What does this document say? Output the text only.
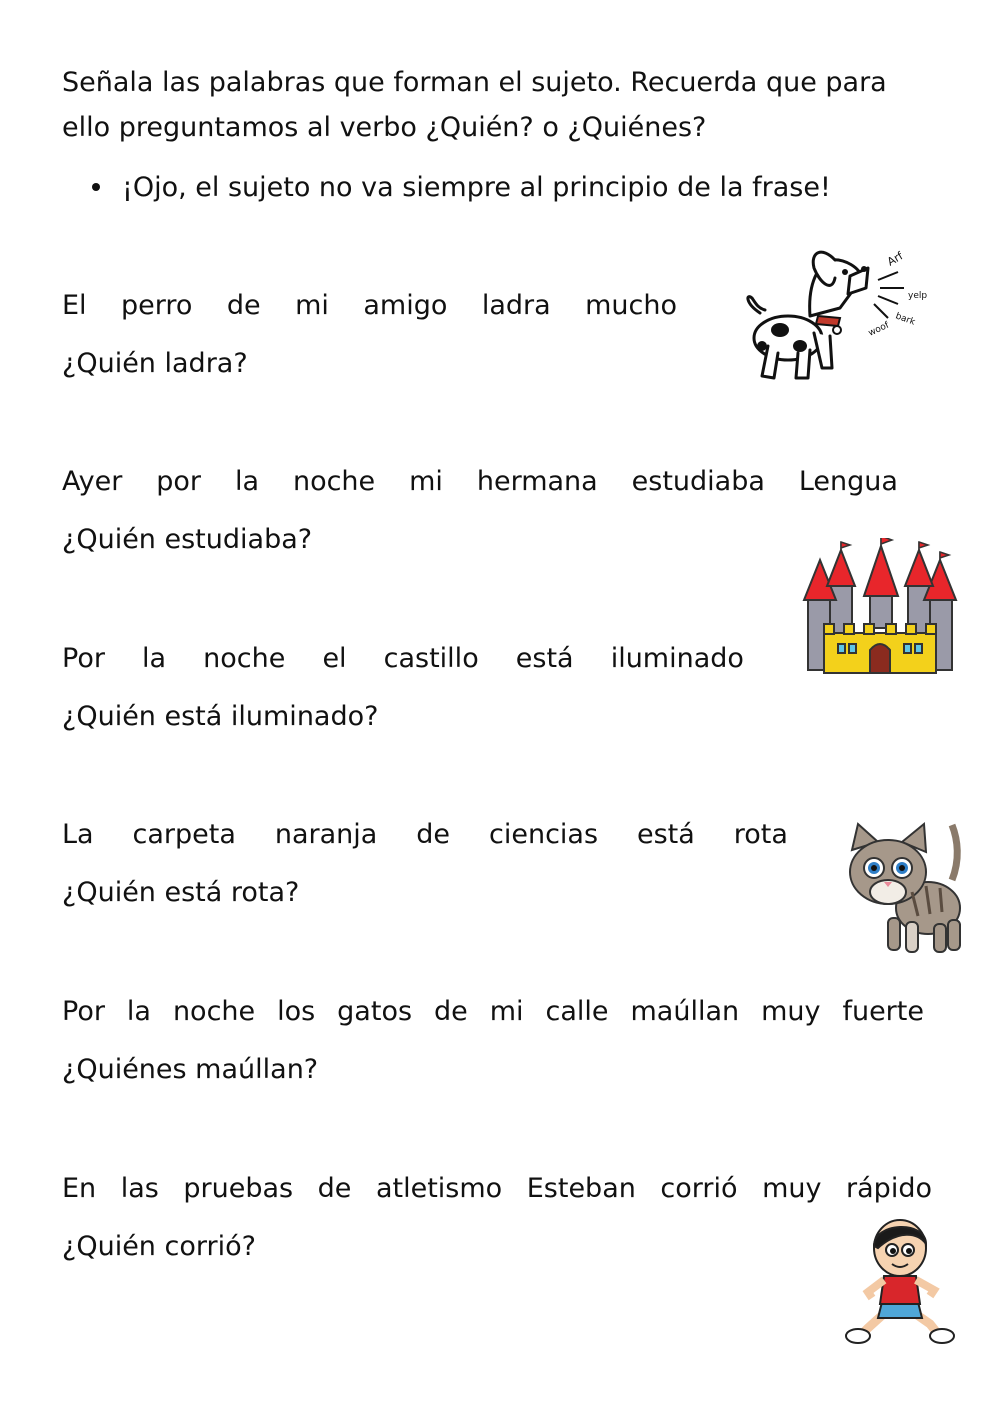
Señala las palabras que forman el sujeto. Recuerda que para ello preguntamos al verbo ¿Quién? o ¿Quiénes?
¡Ojo, el sujeto no va siempre al principio de la frase!
El perro de mi amigo ladra mucho
¿Quién ladra?
Ayer por la noche mi hermana estudiaba Lengua
¿Quién estudiaba?
Por la noche el castillo está iluminado
¿Quién está iluminado?
La carpeta naranja de ciencias está rota
¿Quién está rota?
Por la noche los gatos de mi calle maúllan muy fuerte
¿Quiénes maúllan?
En las pruebas de atletismo Esteban corrió muy rápido
¿Quién corrió?
Arf
yelp
bark
woof
